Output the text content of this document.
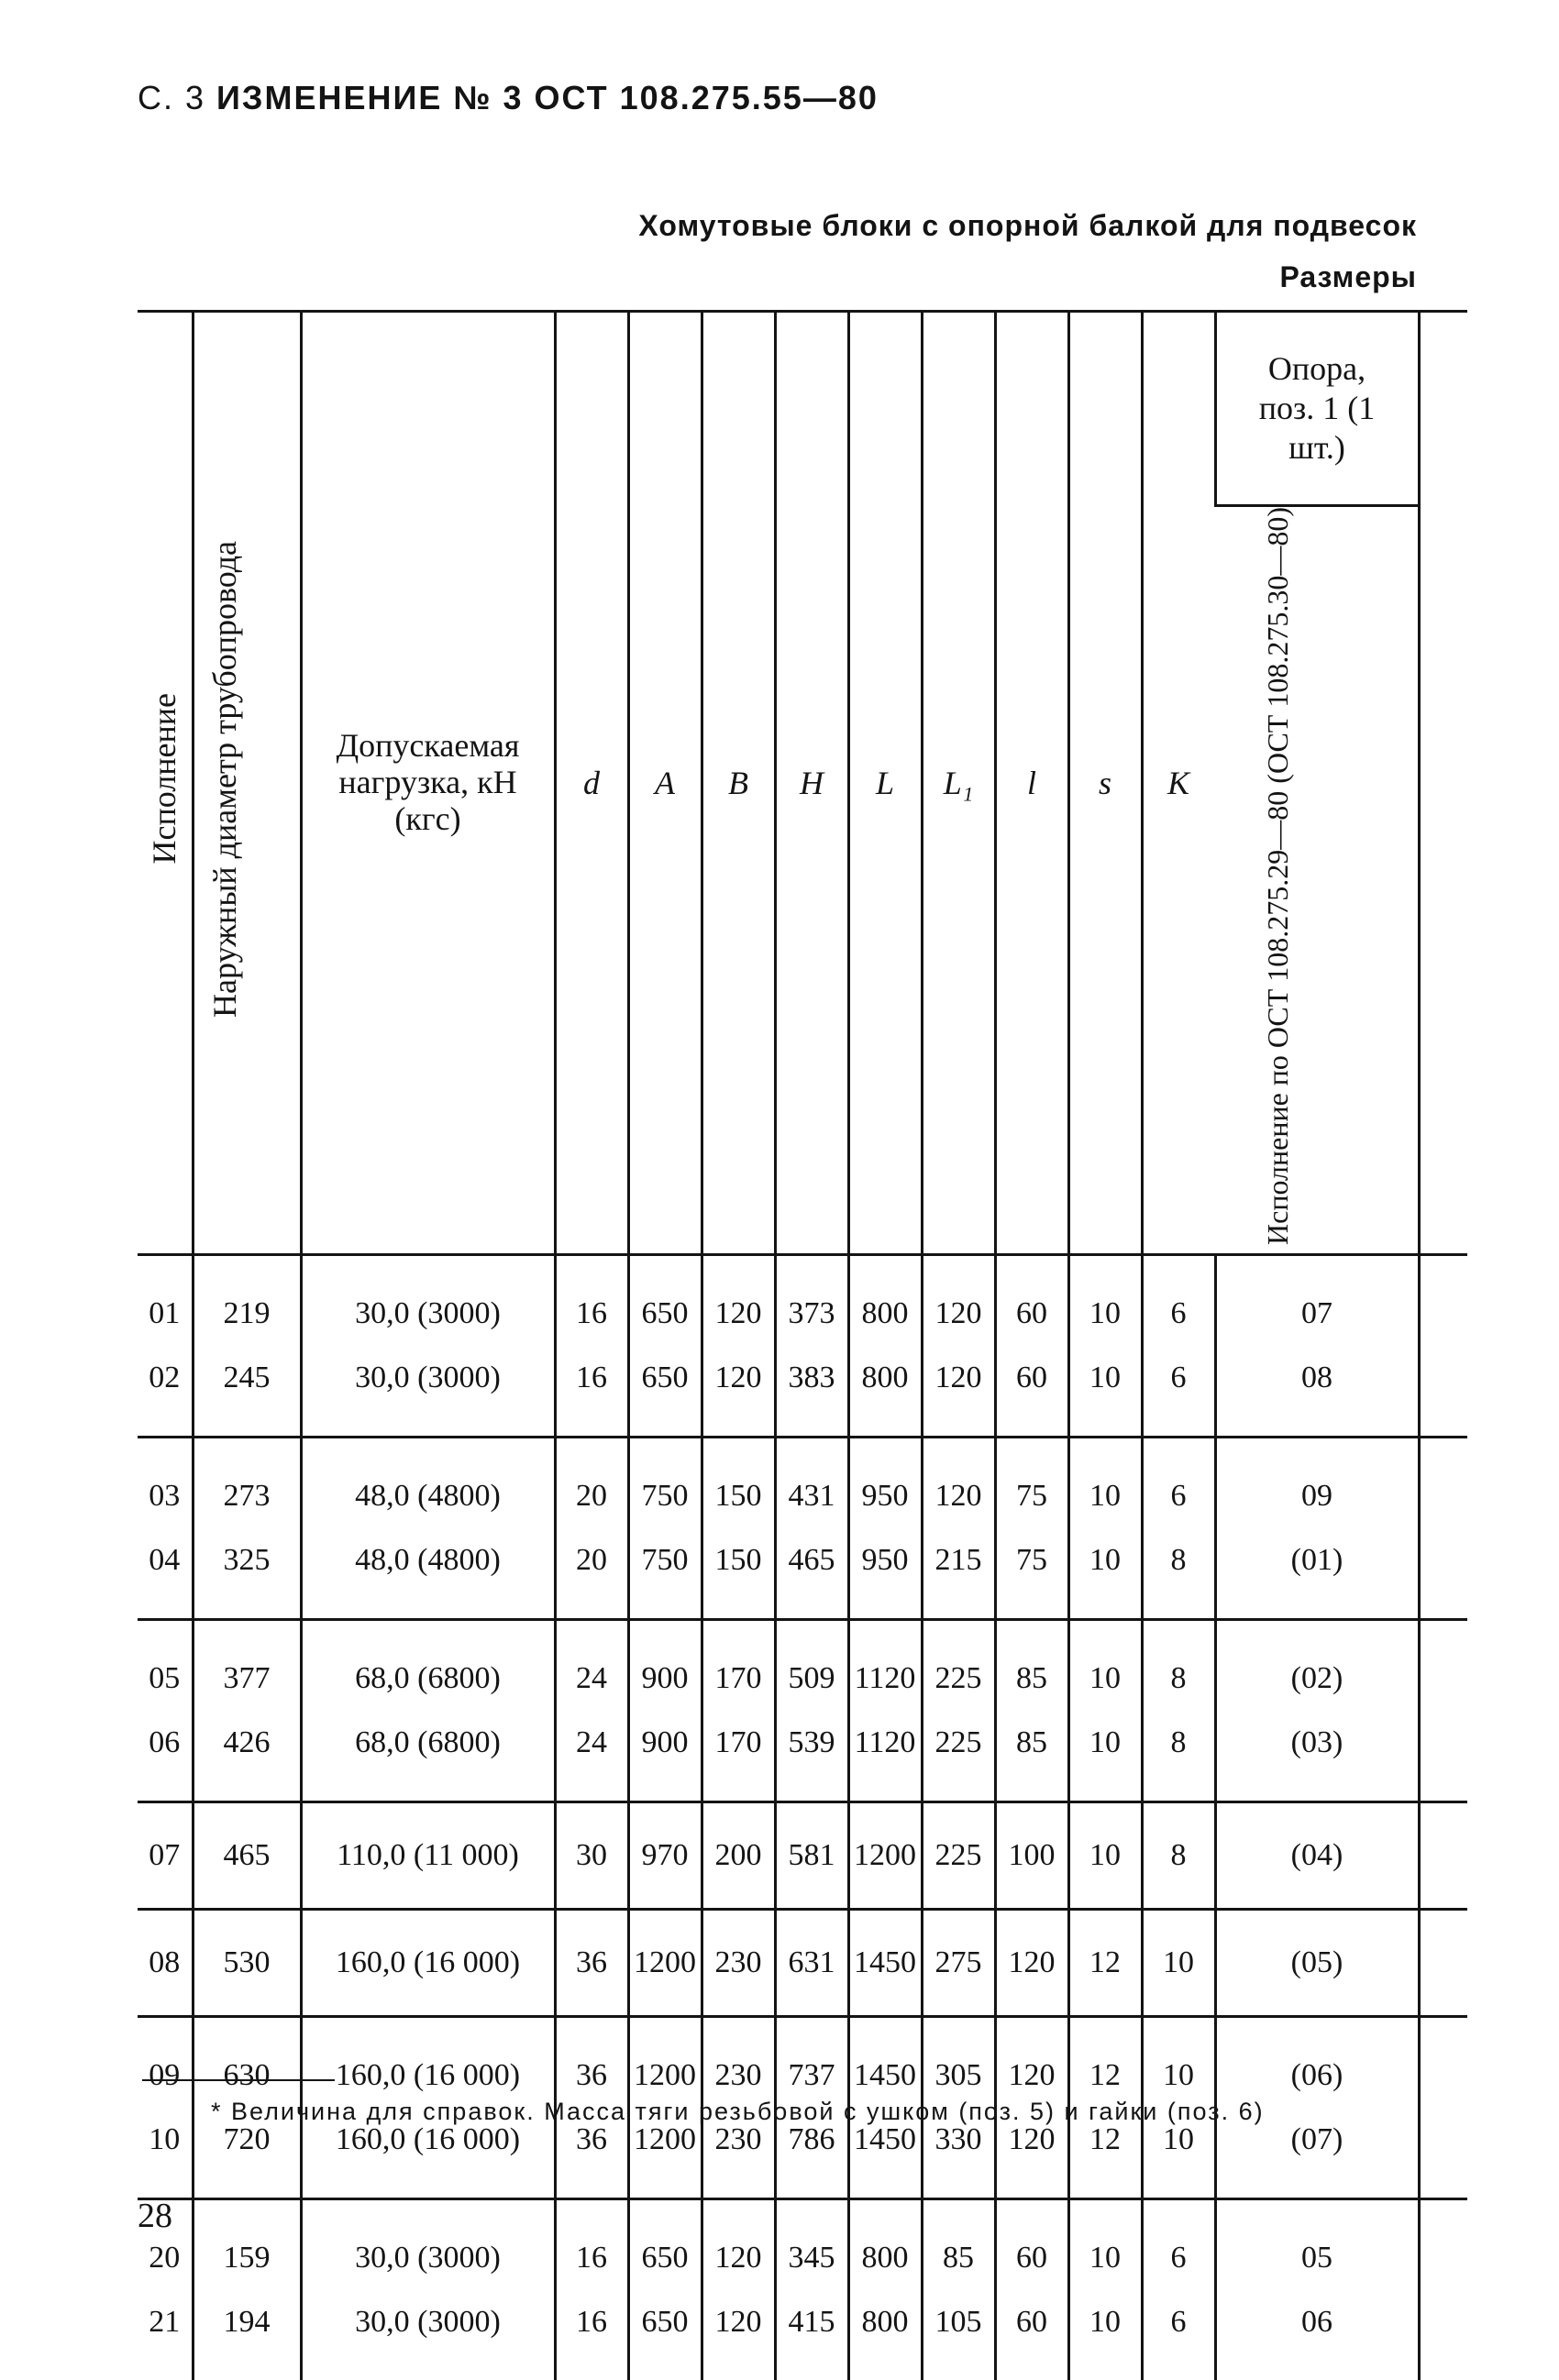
С. 3 ИЗМЕНЕНИЕ № 3 ОСТ 108.275.55—80
Хомутовые блоки с опорной балкой для подвесок
Размеры
Исполнение	Наружный диаметр трубопровода	Допускаемая нагрузка, кН (кгс)	d	A	B	H	L	L₁	l	s	K	Опора, поз. 1 (1 шт.)	
												Исполнение по ОСТ 108.275.29—80 (ОСТ 108.275.30—80)	
01	219	30,0 (3000)	16	650	120	373	800	120	60	10	6	07	
02	245	30,0 (3000)	16	650	120	383	800	120	60	10	6	08	
03	273	48,0 (4800)	20	750	150	431	950	120	75	10	6	09	
04	325	48,0 (4800)	20	750	150	465	950	215	75	10	8	(01)	
05	377	68,0 (6800)	24	900	170	509	1120	225	85	10	8	(02)	
06	426	68,0 (6800)	24	900	170	539	1120	225	85	10	8	(03)	
07	465	110,0 (11 000)	30	970	200	581	1200	225	100	10	8	(04)	
08	530	160,0 (16 000)	36	1200	230	631	1450	275	120	12	10	(05)	
09	630	160,0 (16 000)	36	1200	230	737	1450	305	120	12	10	(06)	
10	720	160,0 (16 000)	36	1200	230	786	1450	330	120	12	10	(07)	
20	159	30,0 (3000)	16	650	120	345	800	85	60	10	6	05	
21	194	30,0 (3000)	16	650	120	415	800	105	60	10	6	06	
* Величина для справок. Масса тяги резьбовой с ушком (поз. 5) и гайки (поз. 6)
28
